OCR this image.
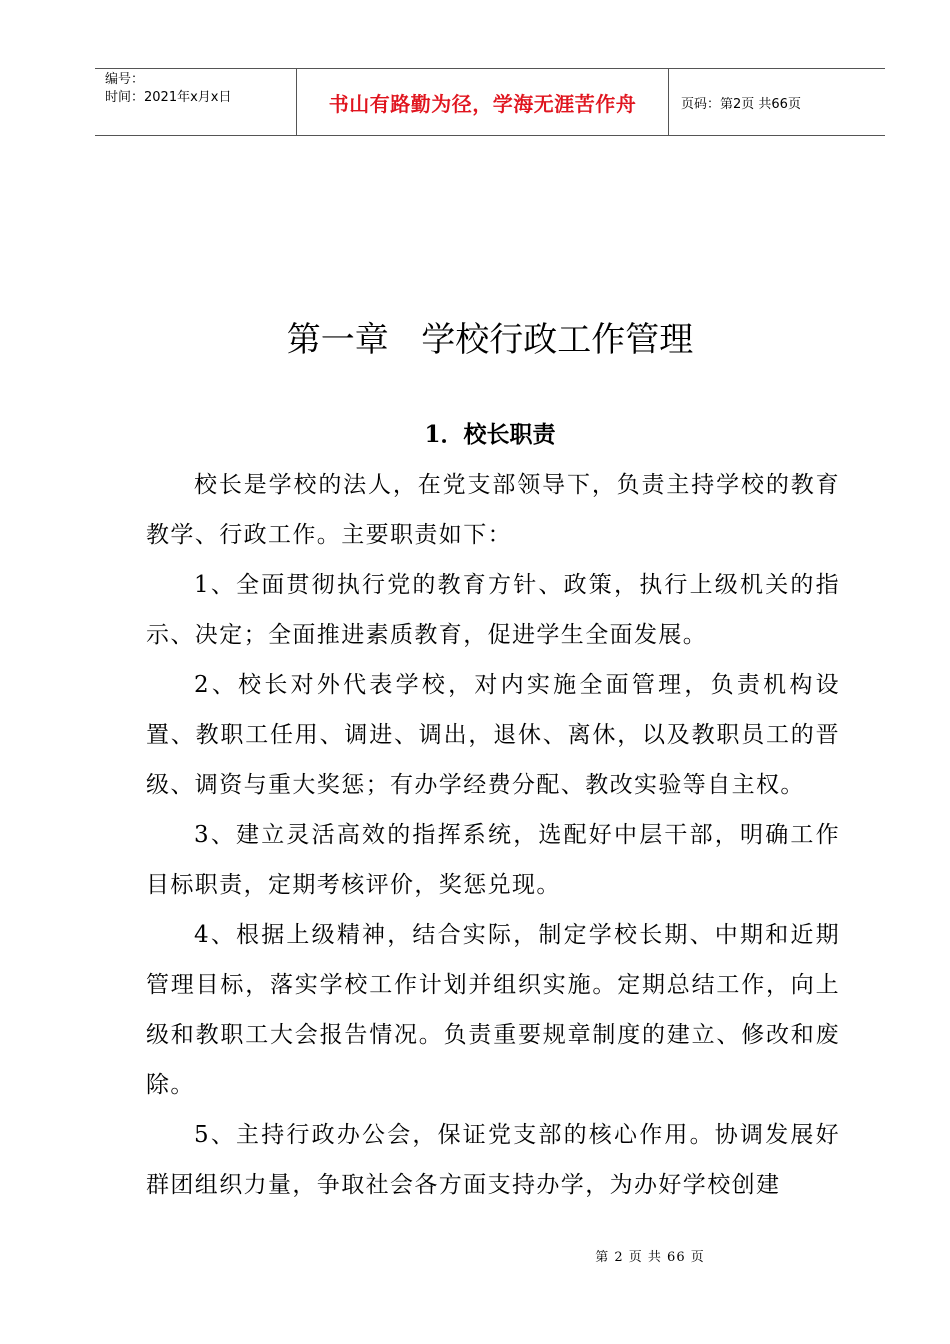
编号：
时间：2021年x月x日	书山有路勤为径，学海无涯苦作舟	页码：第2页 共66页
第一章   学校行政工作管理
1．校长职责

校长是学校的法人，在党支部领导下，负责主持学校的教育教学、行政工作。主要职责如下：

1、全面贯彻执行党的教育方针、政策，执行上级机关的指示、决定；全面推进素质教育，促进学生全面发展。

2、校长对外代表学校，对内实施全面管理，负责机构设置、教职工任用、调进、调出，退休、离休，以及教职员工的晋级、调资与重大奖惩；有办学经费分配、教改实验等自主权。

3、建立灵活高效的指挥系统，选配好中层干部，明确工作目标职责，定期考核评价，奖惩兑现。

4、根据上级精神，结合实际，制定学校长期、中期和近期管理目标，落实学校工作计划并组织实施。定期总结工作，向上级和教职工大会报告情况。负责重要规章制度的建立、修改和废除。

5、主持行政办公会，保证党支部的核心作用。协调发展好群团组织力量，争取社会各方面支持办学，为办好学校创建

第 2 页 共 66 页
